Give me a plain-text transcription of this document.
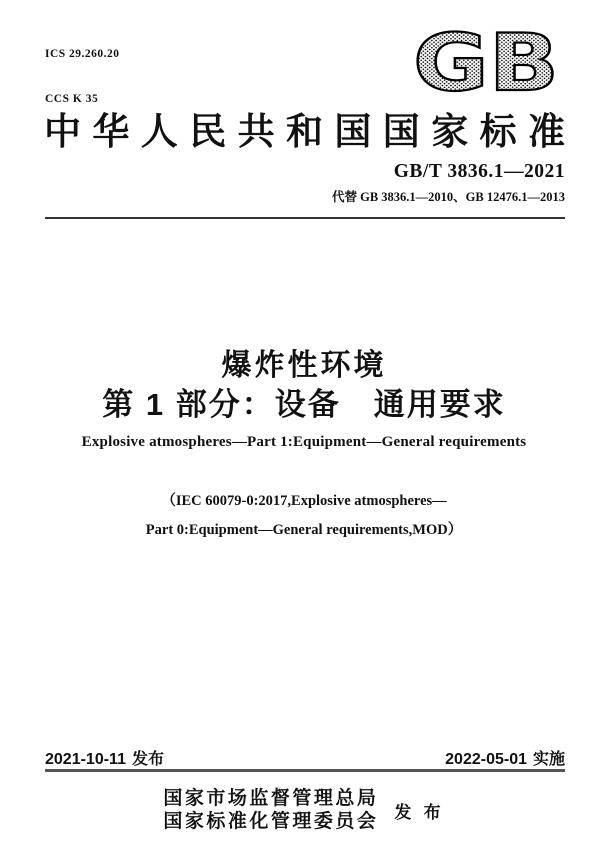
ICS 29.260.20

CCS K 35

	GB
中华人民共和国国家标准
GB/T 3836.1—2021
代替 GB 3836.1—2010、GB 12476.1—2013
爆炸性环境
第 1 部分：设备　通用要求
Explosive atmospheres—Part 1:Equipment—General requirements
（IEC 60079-0:2017,Explosive atmospheres—
Part 0:Equipment—General requirements,MOD）
2021-10-11 发布	2022-05-01 实施
国家市场监督管理总局
国家标准化管理委员会 发 布
